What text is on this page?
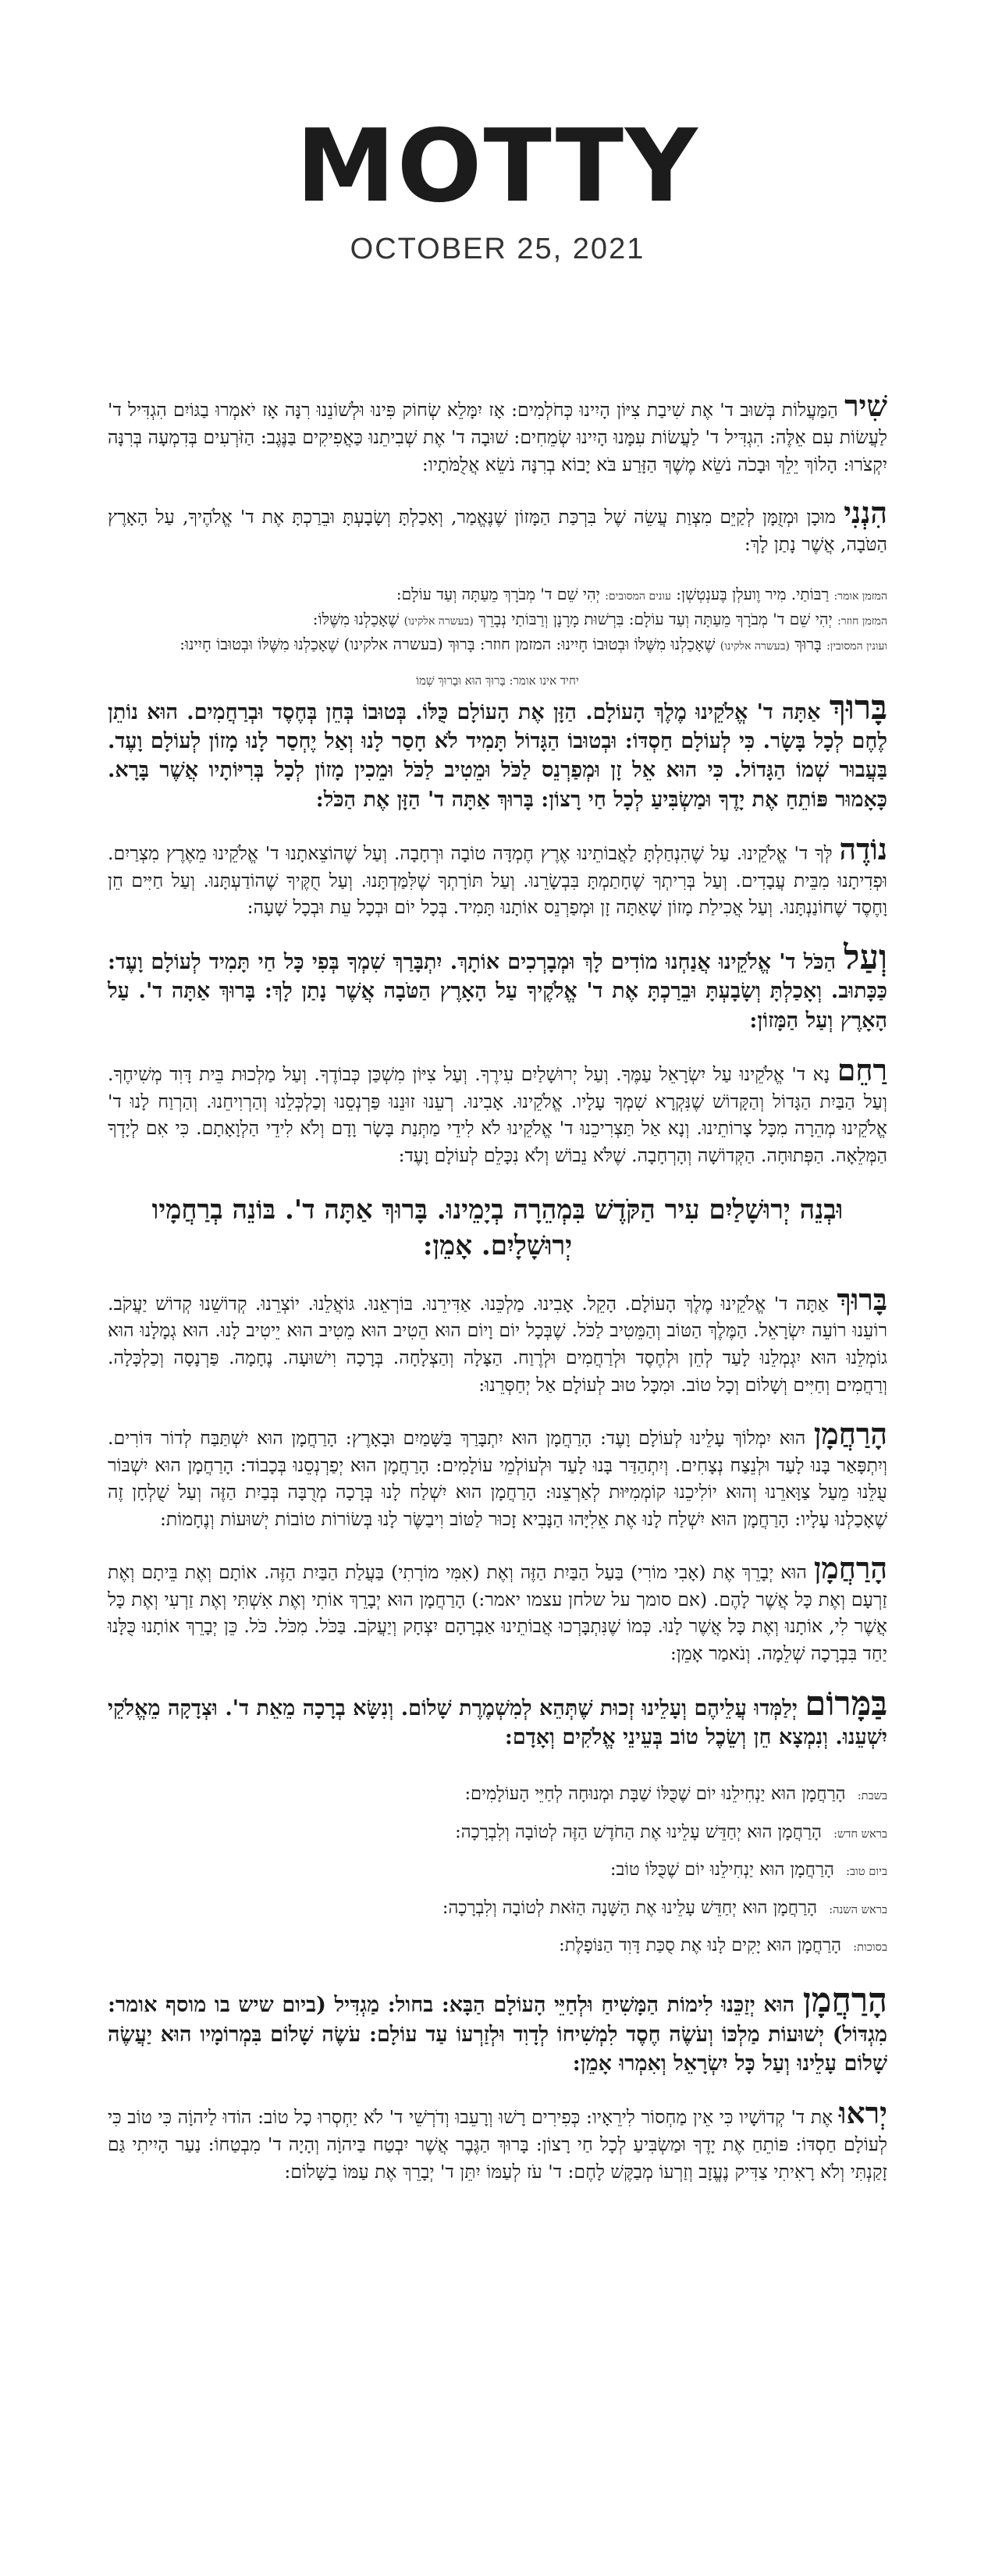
MOTTY
OCTOBER 25, 2021

שִׁיר הַמַּעֲלוֹת בְּשׁוּב ד' אֶת שִׁיבַת צִיּוֹן הָיִינוּ כְּחֹלְמִים: אָז יִמָּלֵא שְׂחוֹק פִּינוּ וּלְשׁוֹנֵנוּ רִנָּה אָז יֹאמְרוּ בַגּוֹיִם הִגְדִּיל ד' לַעֲשׂוֹת עִם אֵלֶּה: הִגְדִּיל ד' לַעֲשׂוֹת עִמָּנוּ הָיִינוּ שְׂמֵחִים: שׁוּבָה ד' אֶת שְׁבִיתֵנוּ כַּאֲפִיקִים בַּנֶּגֶב: הַזֹּרְעִים בְּדִמְעָה בְּרִנָּה יִקְצֹרוּ: הָלוֹךְ יֵלֵךְ וּבָכֹה נֹשֵׂא מֶשֶׁךְ הַזָּרַע בֹּא יָבוֹא בְרִנָּה נֹשֵׂא אֲלֻמֹּתָיו:

הִנְנִי מוּכָן וּמְזֻמָּן לְקַיֵּם מִצְוַת עֲשֵׂה שֶׁל בִּרְכַּת הַמָּזוֹן שֶׁנֶּאֱמַר, וְאָכַלְתָּ וְשָׂבָעְתָּ וּבֵרַכְתָּ אֶת ד' אֱלֹהֶיךָ, עַל הָאָרֶץ הַטֹּבָה, אֲשֶׁר נָתַן לָךְ:

המזמן אומר: רַבּוֹתַי. מִיר וֶועלְן בֶּענְטְשְׁן: עונים המסובים: יְהִי שֵׁם ד' מְבֹרָךְ מֵעַתָּה וְעַד עוֹלָם:
המזמן חוזר: יְהִי שֵׁם ד' מְבֹרָךְ מֵעַתָּה וְעַד עוֹלָם: בִּרְשׁוּת מָרָנָן וְרַבּוֹתַי נְבָרֵךְ (בעשרה אלקינו) שֶׁאָכַלְנוּ מִשֶּׁלּוֹ:
ועונין המסובין: בָּרוּךְ (בעשרה אלקינו) שֶׁאָכַלְנוּ מִשֶּׁלּוֹ וּבְטוּבוֹ חָיִינוּ: המזמן חוזר: בָּרוּךְ (בעשרה אלקינו) שֶׁאָכַלְנוּ מִשֶּׁלּוֹ וּבְטוּבוֹ חָיִינוּ:
יחיד אינו אומר: בָּרוּךְ הוּא וּבָרוּךְ שְׁמוֹ

בָּרוּךְ אַתָּה ד' אֱלֹקֵינוּ מֶלֶךְ הָעוֹלָם. הַזָּן אֶת הָעוֹלָם כֻּלּוֹ. בְּטוּבוֹ בְּחֵן בְּחֶסֶד וּבְרַחֲמִים. הוּא נוֹתֵן לֶחֶם לְכָל בָּשָׂר. כִּי לְעוֹלָם חַסְדּוֹ: וּבְטוּבוֹ הַגָּדוֹל תָּמִיד לֹא חָסַר לָנוּ וְאַל יֶחְסַר לָנוּ מָזוֹן לְעוֹלָם וָעֶד. בַּעֲבוּר שְׁמוֹ הַגָּדוֹל. כִּי הוּא אֵל זָן וּמְפַרְנֵס לַכֹּל וּמֵטִיב לַכֹּל וּמֵכִין מָזוֹן לְכָל בְּרִיּוֹתָיו אֲשֶׁר בָּרָא. כָּאָמוּר פּוֹתֵחַ אֶת יָדֶךָ וּמַשְׂבִּיעַ לְכָל חַי רָצוֹן: בָּרוּךְ אַתָּה ד' הַזָּן אֶת הַכֹּל:

נוֹדֶה לְּךָ ד' אֱלֹקֵינוּ. עַל שֶׁהִנְחַלְתָּ לַאֲבוֹתֵינוּ אֶרֶץ חֶמְדָּה טוֹבָה וּרְחָבָה. וְעַל שֶׁהוֹצֵאתָנוּ ד' אֱלֹקֵינוּ מֵאֶרֶץ מִצְרַיִם. וּפְדִיתָנוּ מִבֵּית עֲבָדִים. וְעַל בְּרִיתְךָ שֶׁחָתַמְתָּ בִּבְשָׂרֵנוּ. וְעַל תּוֹרָתְךָ שֶׁלִּמַּדְתָּנוּ. וְעַל חֻקֶּיךָ שֶׁהוֹדַעְתָּנוּ. וְעַל חַיִּים חֵן וָחֶסֶד שֶׁחוֹנַנְתָּנוּ. וְעַל אֲכִילַת מָזוֹן שָׁאַתָּה זָן וּמְפַרְנֵס אוֹתָנוּ תָּמִיד. בְּכָל יוֹם וּבְכָל עֵת וּבְכָל שָׁעָה:

וְעַל הַכֹּל ד' אֱלֹקֵינוּ אֲנַחְנוּ מוֹדִים לָךְ וּמְבָרְכִים אוֹתָךְ. יִתְבָּרַךְ שִׁמְךָ בְּפִי כָּל חַי תָּמִיד לְעוֹלָם וָעֶד: כַּכָּתוּב. וְאָכַלְתָּ וְשָׂבָעְתָּ וּבֵרַכְתָּ אֶת ד' אֱלֹקֶיךָ עַל הָאָרֶץ הַטֹּבָה אֲשֶׁר נָתַן לָךְ: בָּרוּךְ אַתָּה ד'. עַל הָאָרֶץ וְעַל הַמָּזוֹן:

רַחֵם נָא ד' אֱלֹקֵינוּ עַל יִשְׂרָאֵל עַמֶּךָ. וְעַל יְרוּשָׁלַיִם עִירֶךָ. וְעַל צִיּוֹן מִשְׁכַּן כְּבוֹדֶךָ. וְעַל מַלְכוּת בֵּית דָּוִד מְשִׁיחֶךָ. וְעַל הַבַּיִת הַגָּדוֹל וְהַקָּדוֹשׁ שֶׁנִּקְרָא שִׁמְךָ עָלָיו. אֱלֹקֵינוּ. אָבִינוּ. רְעֵנוּ זוּנֵנוּ פַּרְנְסֵנוּ וְכַלְכְּלֵנוּ וְהַרְוִיחֵנוּ. וְהַרְוַח לָנוּ ד' אֱלֹקֵינוּ מְהֵרָה מִכָּל צָרוֹתֵינוּ. וְנָא אַל תַּצְרִיכֵנוּ ד' אֱלֹקֵינוּ לֹא לִידֵי מַתְּנַת בָּשָׂר וָדָם וְלֹא לִידֵי הַלְוָאָתָם. כִּי אִם לְיָדְךָ הַמְּלֵאָה. הַפְּתוּחָה. הַקְּדוֹשָׁה וְהָרְחָבָה. שֶׁלֹּא נֵבוֹשׁ וְלֹא נִכָּלֵם לְעוֹלָם וָעֶד:

וּבְנֵה יְרוּשָׁלַיִם עִיר הַקֹּדֶשׁ בִּמְהֵרָה בְיָמֵינוּ. בָּרוּךְ אַתָּה ד'. בּוֹנֵה בְרַחֲמָיו יְרוּשָׁלָיִם. אָמֵן:

בָּרוּךְ אַתָּה ד' אֱלֹקֵינוּ מֶלֶךְ הָעוֹלָם. הָקֵל. אָבִינוּ. מַלְכֵּנוּ. אַדִּירֵנוּ. בּוֹרְאֵנוּ. גּוֹאֲלֵנוּ. יוֹצְרֵנוּ. קְדוֹשֵׁנוּ קְדוֹשׁ יַעֲקֹב. רוֹעֵנוּ רוֹעֵה יִשְׂרָאֵל. הַמֶּלֶךְ הַטּוֹב וְהַמֵּטִיב לַכֹּל. שֶׁבְּכָל יוֹם וָיוֹם הוּא הֵטִיב הוּא מֵטִיב הוּא יֵיטִיב לָנוּ. הוּא גְמָלָנוּ הוּא גוֹמְלֵנוּ הוּא יִגְמְלֵנוּ לָעַד לְחֵן וּלְחֶסֶד וּלְרַחֲמִים וּלְרֶוַח. הַצָּלָה וְהַצְלָחָה. בְּרָכָה וִישׁוּעָה. נֶחָמָה. פַּרְנָסָה וְכַלְכָּלָה. וְרַחֲמִים וְחַיִּים וְשָׁלוֹם וְכָל טוֹב. וּמִכָּל טוּב לְעוֹלָם אַל יְחַסְּרֵנוּ:

הָרַחֲמָן הוּא יִמְלוֹךְ עָלֵינוּ לְעוֹלָם וָעֶד: הָרַחֲמָן הוּא יִתְבָּרַךְ בַּשָּׁמַיִם וּבָאָרֶץ: הָרַחֲמָן הוּא יִשְׁתַּבַּח לְדוֹר דּוֹרִים. וְיִתְפָּאַר בָּנוּ לָעַד וּלְנֵצַח נְצָחִים. וְיִתְהַדַּר בָּנוּ לָעַד וּלְעוֹלְמֵי עוֹלָמִים: הָרַחֲמָן הוּא יְפַרְנְסֵנוּ בְּכָבוֹד: הָרַחֲמָן הוּא יִשְׁבּוֹר עֻלֵּנוּ מֵעַל צַוָּארֵנוּ וְהוּא יוֹלִיכֵנוּ קוֹמְמִיּוּת לְאַרְצֵנוּ: הָרַחֲמָן הוּא יִשְׁלַח לָנוּ בְּרָכָה מְרֻבָּה בְּבַיִת הַזֶּה וְעַל שֻׁלְחָן זֶה שֶׁאָכַלְנוּ עָלָיו: הָרַחֲמָן הוּא יִשְׁלַח לָנוּ אֶת אֵלִיָּהוּ הַנָּבִיא זָכוּר לַטּוֹב וִיבַשֶּׂר לָנוּ בְּשׂוֹרוֹת טוֹבוֹת יְשׁוּעוֹת וְנֶחָמוֹת:

הָרַחֲמָן הוּא יְבָרֵךְ אֶת (אָבִי מוֹרִי) בַּעַל הַבַּיִת הַזֶּה וְאֶת (אִמִּי מוֹרָתִי) בַּעֲלַת הַבַּיִת הַזֶּה. אוֹתָם וְאֶת בֵּיתָם וְאֶת זַרְעָם וְאֶת כָּל אֲשֶׁר לָהֶם. (אם סומך על שלחן עצמו יאמר:) הָרַחֲמָן הוּא יְבָרֵךְ אוֹתִי וְאֶת אִשְׁתִּי וְאֶת זַרְעִי וְאֶת כָּל אֲשֶׁר לִי, אוֹתָנוּ וְאֶת כָּל אֲשֶׁר לָנוּ. כְּמוֹ שֶׁנִּתְבָּרְכוּ אֲבוֹתֵינוּ אַבְרָהָם יִצְחָק וְיַעֲקֹב. בַּכֹּל. מִכֹּל. כֹּל. כֵּן יְבָרֵךְ אוֹתָנוּ כֻּלָּנוּ יַחַד בִּבְרָכָה שְׁלֵמָה. וְנֹאמַר אָמֵן:

בַּמָּרוֹם יְלַמְּדוּ עֲלֵיהֶם וְעָלֵינוּ זְכוּת שֶׁתְּהֵא לְמִשְׁמֶרֶת שָׁלוֹם. וְנִשָּׂא בְרָכָה מֵאֵת ד'. וּצְדָקָה מֵאֱלֹקֵי יִשְׁעֵנוּ. וְנִמְצָא חֵן וְשֵׂכֶל טוֹב בְּעֵינֵי אֱלֹקִים וְאָדָם:

בשבת: הָרַחֲמָן הוּא יַנְחִילֵנוּ יוֹם שֶׁכֻּלּוֹ שַׁבָּת וּמְנוּחָה לְחַיֵּי הָעוֹלָמִים:
בראש חדש: הָרַחֲמָן הוּא יְחַדֵּשׁ עָלֵינוּ אֶת הַחֹדֶשׁ הַזֶּה לְטוֹבָה וְלִבְרָכָה:
ביום טוב: הָרַחֲמָן הוּא יַנְחִילֵנוּ יוֹם שֶׁכֻּלּוֹ טוֹב:
בראש השנה: הָרַחֲמָן הוּא יְחַדֵּשׁ עָלֵינוּ אֶת הַשָּׁנָה הַזֹּאת לְטוֹבָה וְלִבְרָכָה:
בסוכות: הָרַחֲמָן הוּא יָקִים לָנוּ אֶת סֻכַּת דָּוִד הַנּוֹפָלֶת:

הָרַחֲמָן הוּא יְזַכֵּנוּ לִימוֹת הַמָּשִׁיחַ וּלְחַיֵּי הָעוֹלָם הַבָּא: בחול: מַגְדִּיל (ביום שיש בו מוסף אומר: מִגְדּוֹל) יְשׁוּעוֹת מַלְכּוֹ וְעֹשֶׂה חֶסֶד לִמְשִׁיחוֹ לְדָוִד וּלְזַרְעוֹ עַד עוֹלָם: עֹשֶׂה שָׁלוֹם בִּמְרוֹמָיו הוּא יַעֲשֶׂה שָׁלוֹם עָלֵינוּ וְעַל כָּל יִשְׂרָאֵל וְאִמְרוּ אָמֵן:

יְראוּ אֶת ד' קְדוֹשָׁיו כִּי אֵין מַחְסוֹר לִירֵאָיו: כְּפִירִים רָשׁוּ וְרָעֵבוּ וְדֹרְשֵׁי ד' לֹא יַחְסְרוּ כָל טוֹב: הוֹדוּ לַיהוָֹה כִּי טוֹב כִּי לְעוֹלָם חַסְדּוֹ: פּוֹתֵחַ אֶת יָדֶךָ וּמַשְׂבִּיעַ לְכָל חַי רָצוֹן: בָּרוּךְ הַגֶּבֶר אֲשֶׁר יִבְטַח בַּיהוָֹה וְהָיָה ד' מִבְטַחוֹ: נַעַר הָיִיתִי גַּם זָקַנְתִּי וְלֹא רָאִיתִי צַדִּיק נֶעֱזָב וְזַרְעוֹ מְבַקֶּשׁ לָחֶם: ד' עֹז לְעַמּוֹ יִתֵּן ד' יְבָרֵךְ אֶת עַמּוֹ בַשָּׁלוֹם:
